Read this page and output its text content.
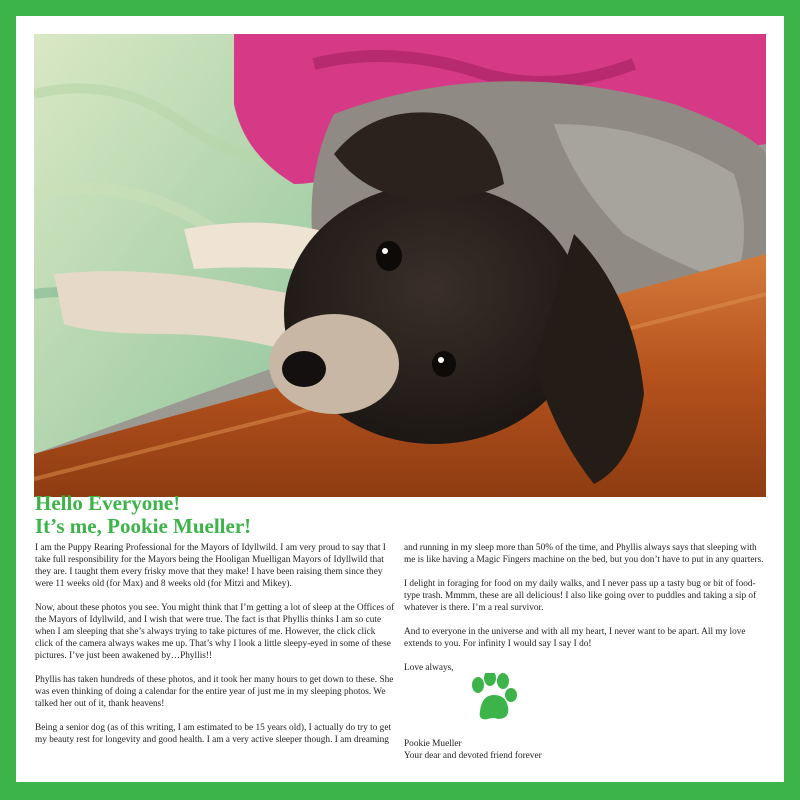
Hello Everyone!
It’s me, Pookie Mueller!

I am the Puppy Rearing Professional for the Mayors of Idyllwild. I am very proud to say that I take full responsibility for the Mayors being the Hooligan Muelligan Mayors of Idyllwild that they are. I taught them every frisky move that they make! I have been raising them since they were 11 weeks old (for Max) and 8 weeks old (for Mitzi and Mikey).

Now, about these photos you see. You might think that I’m getting a lot of sleep at the Offices of the Mayors of Idyllwild, and I wish that were true. The fact is that Phyllis thinks I am so cute when I am sleeping that she’s always trying to take pictures of me. However, the click click click of the camera always wakes me up. That’s why I look a little sleepy-eyed in some of these pictures. I’ve just been awakened by…Phyllis!!

Phyllis has taken hundreds of these photos, and it took her many hours to get down to these. She was even thinking of doing a calendar for the entire year of just me in my sleeping photos. We talked her out of it, thank heavens!

Being a senior dog (as of this writing, I am estimated to be 15 years old), I actually do try to get my beauty rest for longevity and good health. I am a very active sleeper though. I am dreaming

and running in my sleep more than 50% of the time, and Phyllis always says that sleeping with me is like having a Magic Fingers machine on the bed, but you don’t have to put in any quarters.

I delight in foraging for food on my daily walks, and I never pass up a tasty bug or bit of food-type trash. Mmmm, these are all delicious! I also like going over to puddles and taking a sip of whatever is there. I’m a real survivor.

And to everyone in the universe and with all my heart, I never want to be apart. All my love extends to you. For infinity I would say I say I do!

Love always,

Pookie Mueller
Your dear and devoted friend forever
